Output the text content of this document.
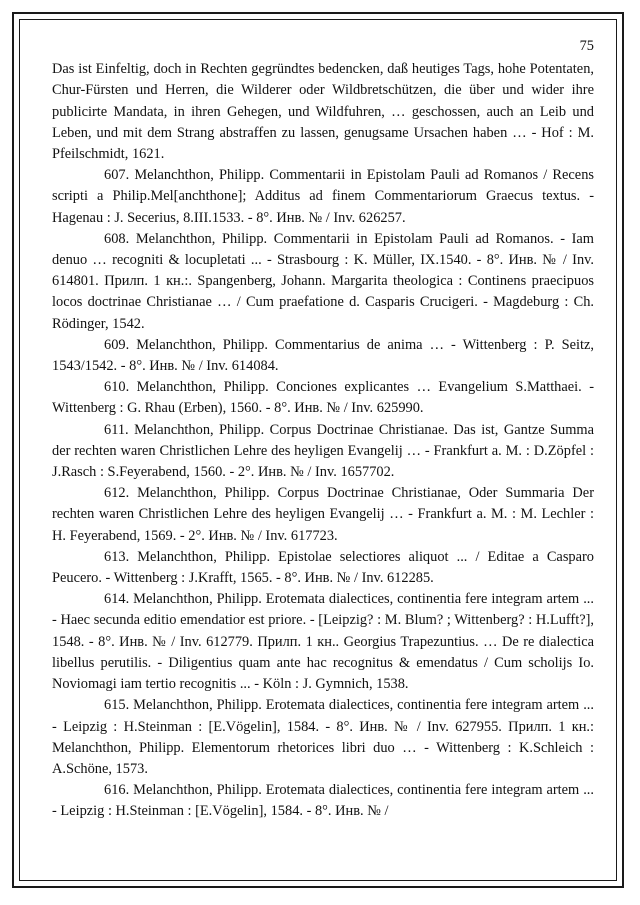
75

Das ist Einfeltig, doch in Rechten gegründtes bedencken, daß heutiges Tags, hohe Potentaten, Chur-Fürsten und Herren, die Wilderer oder Wildbretschützen, die über und wider ihre publicirte Mandata, in ihren Gehegen, und Wildfuhren, … geschossen, auch an Leib und Leben, und mit dem Strang abstraffen zu lassen, genugsame Ursachen haben … - Hof : M. Pfeilschmidt, 1621.

607. Melanchthon, Philipp. Commentarii in Epistolam Pauli ad Romanos / Recens scripti a Philip.Mel[anchthone]; Additus ad finem Commentariorum Graecus textus. - Hagenau : J. Secerius, 8.III.1533. - 8°. Инв. № / Inv. 626257.

608. Melanchthon, Philipp. Commentarii in Epistolam Pauli ad Romanos. - Iam denuo … recogniti & locupletati ... - Strasbourg : K. Müller, IX.1540. - 8°. Инв. № / Inv. 614801. Прилп. 1 кн.:. Spangenberg, Johann. Margarita theologica : Continens praecipuos locos doctrinae Christianae … / Cum praefatione d. Casparis Crucigeri. - Magdeburg : Ch. Rödinger, 1542.

609. Melanchthon, Philipp. Commentarius de anima … - Wittenberg : P. Seitz, 1543/1542. - 8°. Инв. № / Inv. 614084.

610. Melanchthon, Philipp. Conciones explicantes … Evangelium S.Matthaei. - Wittenberg : G. Rhau (Erben), 1560. - 8°. Инв. № / Inv. 625990.

611. Melanchthon, Philipp. Corpus Doctrinae Christianae. Das ist, Gantze Summa der rechten waren Christlichen Lehre des heyligen Evangelij … - Frankfurt a. M. : D.Zöpfel : J.Rasch : S.Feyerabend, 1560. - 2°. Инв. № / Inv. 1657702.

612. Melanchthon, Philipp. Corpus Doctrinae Christianae, Oder Summaria Der rechten waren Christlichen Lehre des heyligen Evangelij … - Frankfurt a. M. : M. Lechler : H. Feyerabend, 1569. - 2°. Инв. № / Inv. 617723.

613. Melanchthon, Philipp. Epistolae selectiores aliquot ... / Editae a Casparo Peucero. - Wittenberg : J.Krafft, 1565. - 8°. Инв. № / Inv. 612285.

614. Melanchthon, Philipp. Erotemata dialectices, continentia fere integram artem ... - Haec secunda editio emendatior est priore. - [Leipzig? : M. Blum? ; Wittenberg? : H.Lufft?], 1548. - 8°. Инв. № / Inv. 612779. Прилп. 1 кн.. Georgius Trapezuntius. … De re dialectica libellus perutilis. - Diligentius quam ante hac recognitus & emendatus / Cum scholijs Io. Noviomagi iam tertio recognitis ... - Köln : J. Gymnich, 1538.

615. Melanchthon, Philipp. Erotemata dialectices, continentia fere integram artem ... - Leipzig : H.Steinman : [E.Vögelin], 1584. - 8°. Инв. № / Inv. 627955. Прилп. 1 кн.: Melanchthon, Philipp. Elementorum rhetorices libri duo … - Wittenberg : K.Schleich : A.Schöne, 1573.

616. Melanchthon, Philipp. Erotemata dialectices, continentia fere integram artem ... - Leipzig : H.Steinman : [E.Vögelin], 1584. - 8°. Инв. № /
